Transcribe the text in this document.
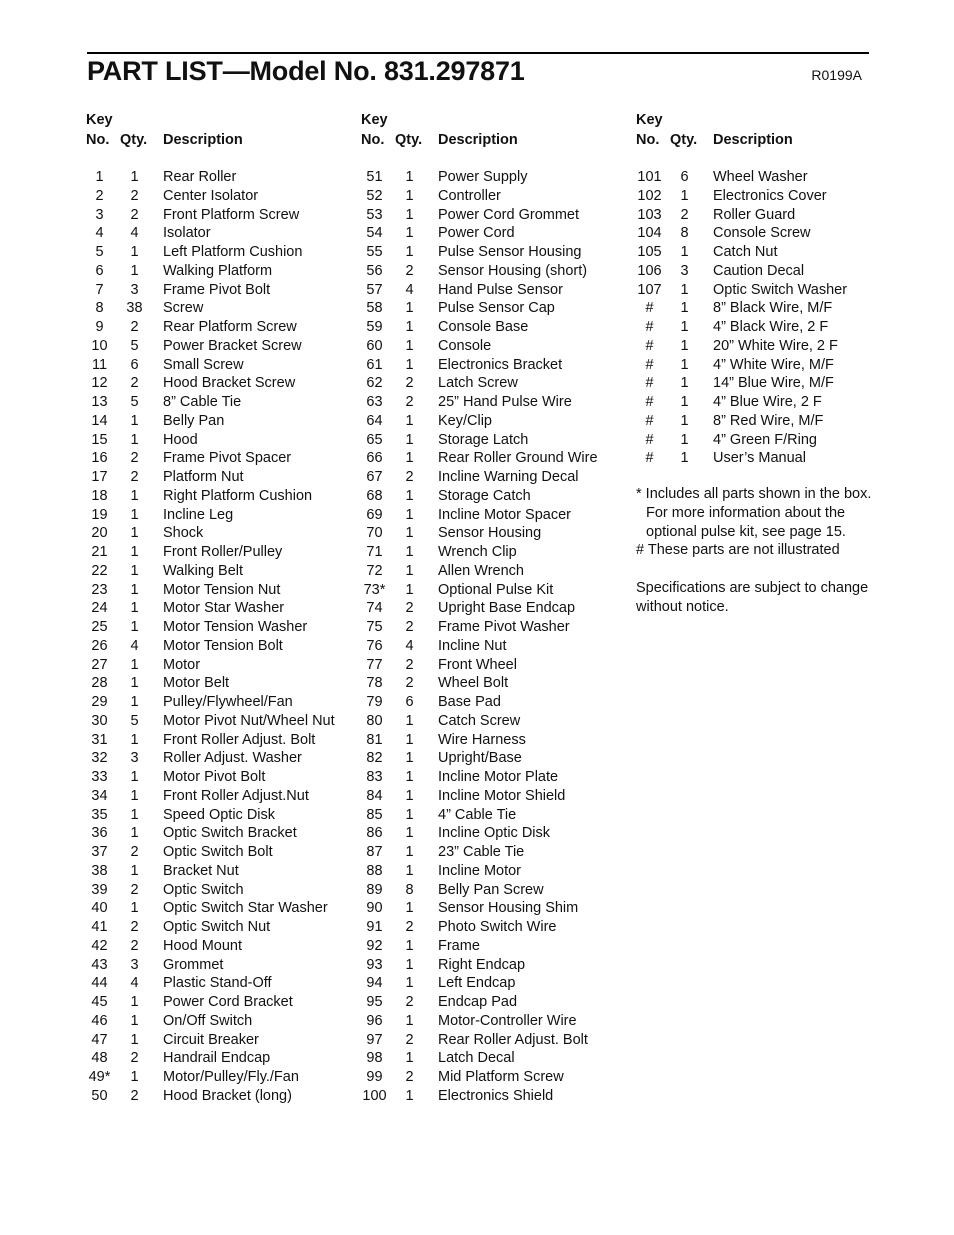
PART LIST—Model No. 831.297871	R0199A
Key
No. Qty. Description
1	1	Rear Roller
2	2	Center Isolator
3	2	Front Platform Screw
4	4	Isolator
5	1	Left Platform Cushion
6	1	Walking Platform
7	3	Frame Pivot Bolt
8	38	Screw
9	2	Rear Platform Screw
10	5	Power Bracket Screw
11	6	Small Screw
12	2	Hood Bracket Screw
13	5	8” Cable Tie
14	1	Belly Pan
15	1	Hood
16	2	Frame Pivot Spacer
17	2	Platform Nut
18	1	Right Platform Cushion
19	1	Incline Leg
20	1	Shock
21	1	Front Roller/Pulley
22	1	Walking Belt
23	1	Motor Tension Nut
24	1	Motor Star Washer
25	1	Motor Tension Washer
26	4	Motor Tension Bolt
27	1	Motor
28	1	Motor Belt
29	1	Pulley/Flywheel/Fan
30	5	Motor Pivot Nut/Wheel Nut
31	1	Front Roller Adjust. Bolt
32	3	Roller Adjust. Washer
33	1	Motor Pivot Bolt
34	1	Front Roller Adjust.Nut
35	1	Speed Optic Disk
36	1	Optic Switch Bracket
37	2	Optic Switch Bolt
38	1	Bracket Nut
39	2	Optic Switch
40	1	Optic Switch Star Washer
41	2	Optic Switch Nut
42	2	Hood Mount
43	3	Grommet
44	4	Plastic Stand-Off
45	1	Power Cord Bracket
46	1	On/Off Switch
47	1	Circuit Breaker
48	2	Handrail Endcap
49*	1	Motor/Pulley/Fly./Fan
50	2	Hood Bracket (long)
Key
No. Qty. Description
51	1	Power Supply
52	1	Controller
53	1	Power Cord Grommet
54	1	Power Cord
55	1	Pulse Sensor Housing
56	2	Sensor Housing (short)
57	4	Hand Pulse Sensor
58	1	Pulse Sensor Cap
59	1	Console Base
60	1	Console
61	1	Electronics Bracket
62	2	Latch Screw
63	2	25” Hand Pulse Wire
64	1	Key/Clip
65	1	Storage Latch
66	1	Rear Roller Ground Wire
67	2	Incline Warning Decal
68	1	Storage Catch
69	1	Incline Motor Spacer
70	1	Sensor Housing
71	1	Wrench Clip
72	1	Allen Wrench
73*	1	Optional Pulse Kit
74	2	Upright Base Endcap
75	2	Frame Pivot Washer
76	4	Incline Nut
77	2	Front Wheel
78	2	Wheel Bolt
79	6	Base Pad
80	1	Catch Screw
81	1	Wire Harness
82	1	Upright/Base
83	1	Incline Motor Plate
84	1	Incline Motor Shield
85	1	4” Cable Tie
86	1	Incline Optic Disk
87	1	23” Cable Tie
88	1	Incline Motor
89	8	Belly Pan Screw
90	1	Sensor Housing Shim
91	2	Photo Switch Wire
92	1	Frame
93	1	Right Endcap
94	1	Left Endcap
95	2	Endcap Pad
96	1	Motor-Controller Wire
97	2	Rear Roller Adjust. Bolt
98	1	Latch Decal
99	2	Mid Platform Screw
100	1	Electronics Shield
Key
No. Qty. Description
101	6	Wheel Washer
102	1	Electronics Cover
103	2	Roller Guard
104	8	Console Screw
105	1	Catch Nut
106	3	Caution Decal
107	1	Optic Switch Washer
#	1	8” Black Wire, M/F
#	1	4” Black Wire, 2 F
#	1	20” White Wire, 2 F
#	1	4” White Wire, M/F
#	1	14” Blue Wire, M/F
#	1	4” Blue Wire, 2 F
#	1	8” Red Wire, M/F
#	1	4” Green F/Ring
#	1	User’s Manual
* Includes all parts shown in the box.
For more information about the
optional pulse kit, see page 15.
# These parts are not illustrated
Specifications are subject to change
without notice.
